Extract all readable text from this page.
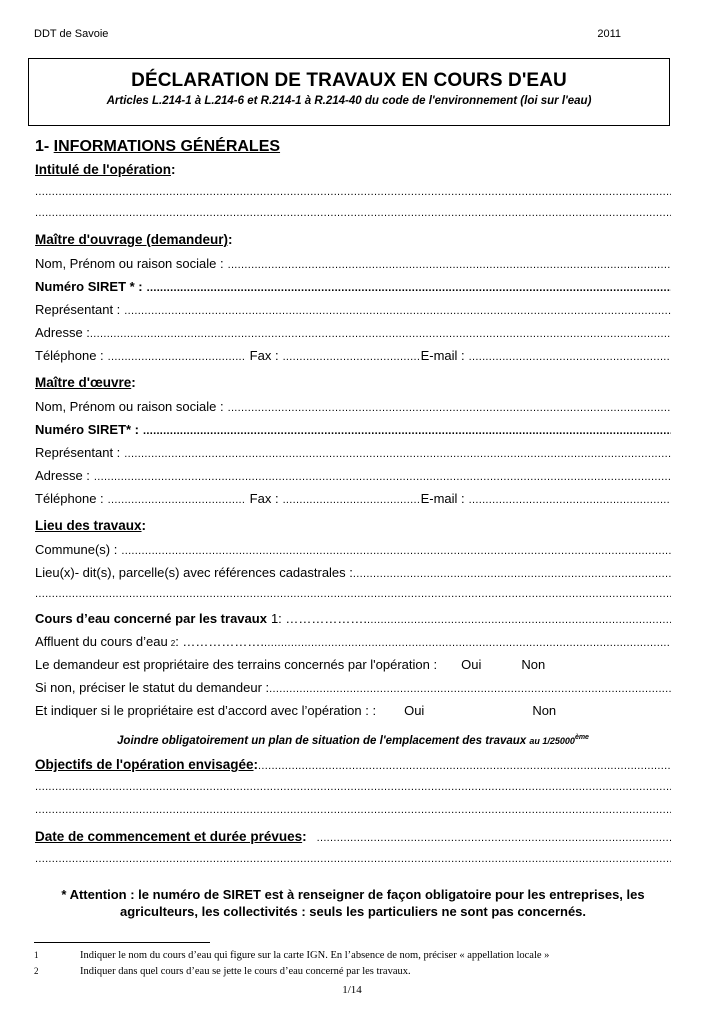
DDT de Savoie	2011
DÉCLARATION DE TRAVAUX EN COURS D'EAU
Articles L.214-1 à L.214-6 et R.214-1 à R.214-40 du code de l'environnement (loi sur l'eau)
1- INFORMATIONS GÉNÉRALES
Intitulé de l'opération :
.....
.....
Maître d'ouvrage (demandeur) :
Nom, Prénom ou raison sociale :
.....
Numéro SIRET * :
.....
Représentant :
.....
Adresse :
.....
Téléphone : .....	Fax : .....	E-mail :
.....
Maître d'œuvre :
Nom, Prénom ou raison sociale :
.....
Numéro SIRET* :
.....
Représentant :
.....
Adresse :
.....
Téléphone : .....	Fax : .....	E-mail :
.....
Lieu des travaux :
Commune(s) :
.....
Lieu(x)- dit(s), parcelle(s) avec références cadastrales :
.....
.....
Cours d’eau concerné par les travaux 1 : ……………….
.....
Affluent du cours d’eau 2 : ……………….
.....
Le demandeur est propriétaire des terrains concernés par l'opération : Oui	Non
Si non, préciser le statut du demandeur :
.....
Et indiquer si le propriétaire est d’accord avec l’opération : : Oui	Non
Joindre obligatoirement un plan de situation de l'emplacement des travaux au 1/25000ème
Objectifs de l'opération envisagée :
.....
.....
.....
Date de commencement et durée prévues :
.....
.....
* Attention : le numéro de SIRET est à renseigner de façon obligatoire pour les entreprises, les agriculteurs, les collectivités : seuls les particuliers ne sont pas concernés.
1	Indiquer le nom du cours d’eau qui figure sur la carte IGN. En l’absence de nom, préciser « appellation locale »
2	Indiquer dans quel cours d’eau se jette le cours d’eau concerné par les travaux.
1/14
